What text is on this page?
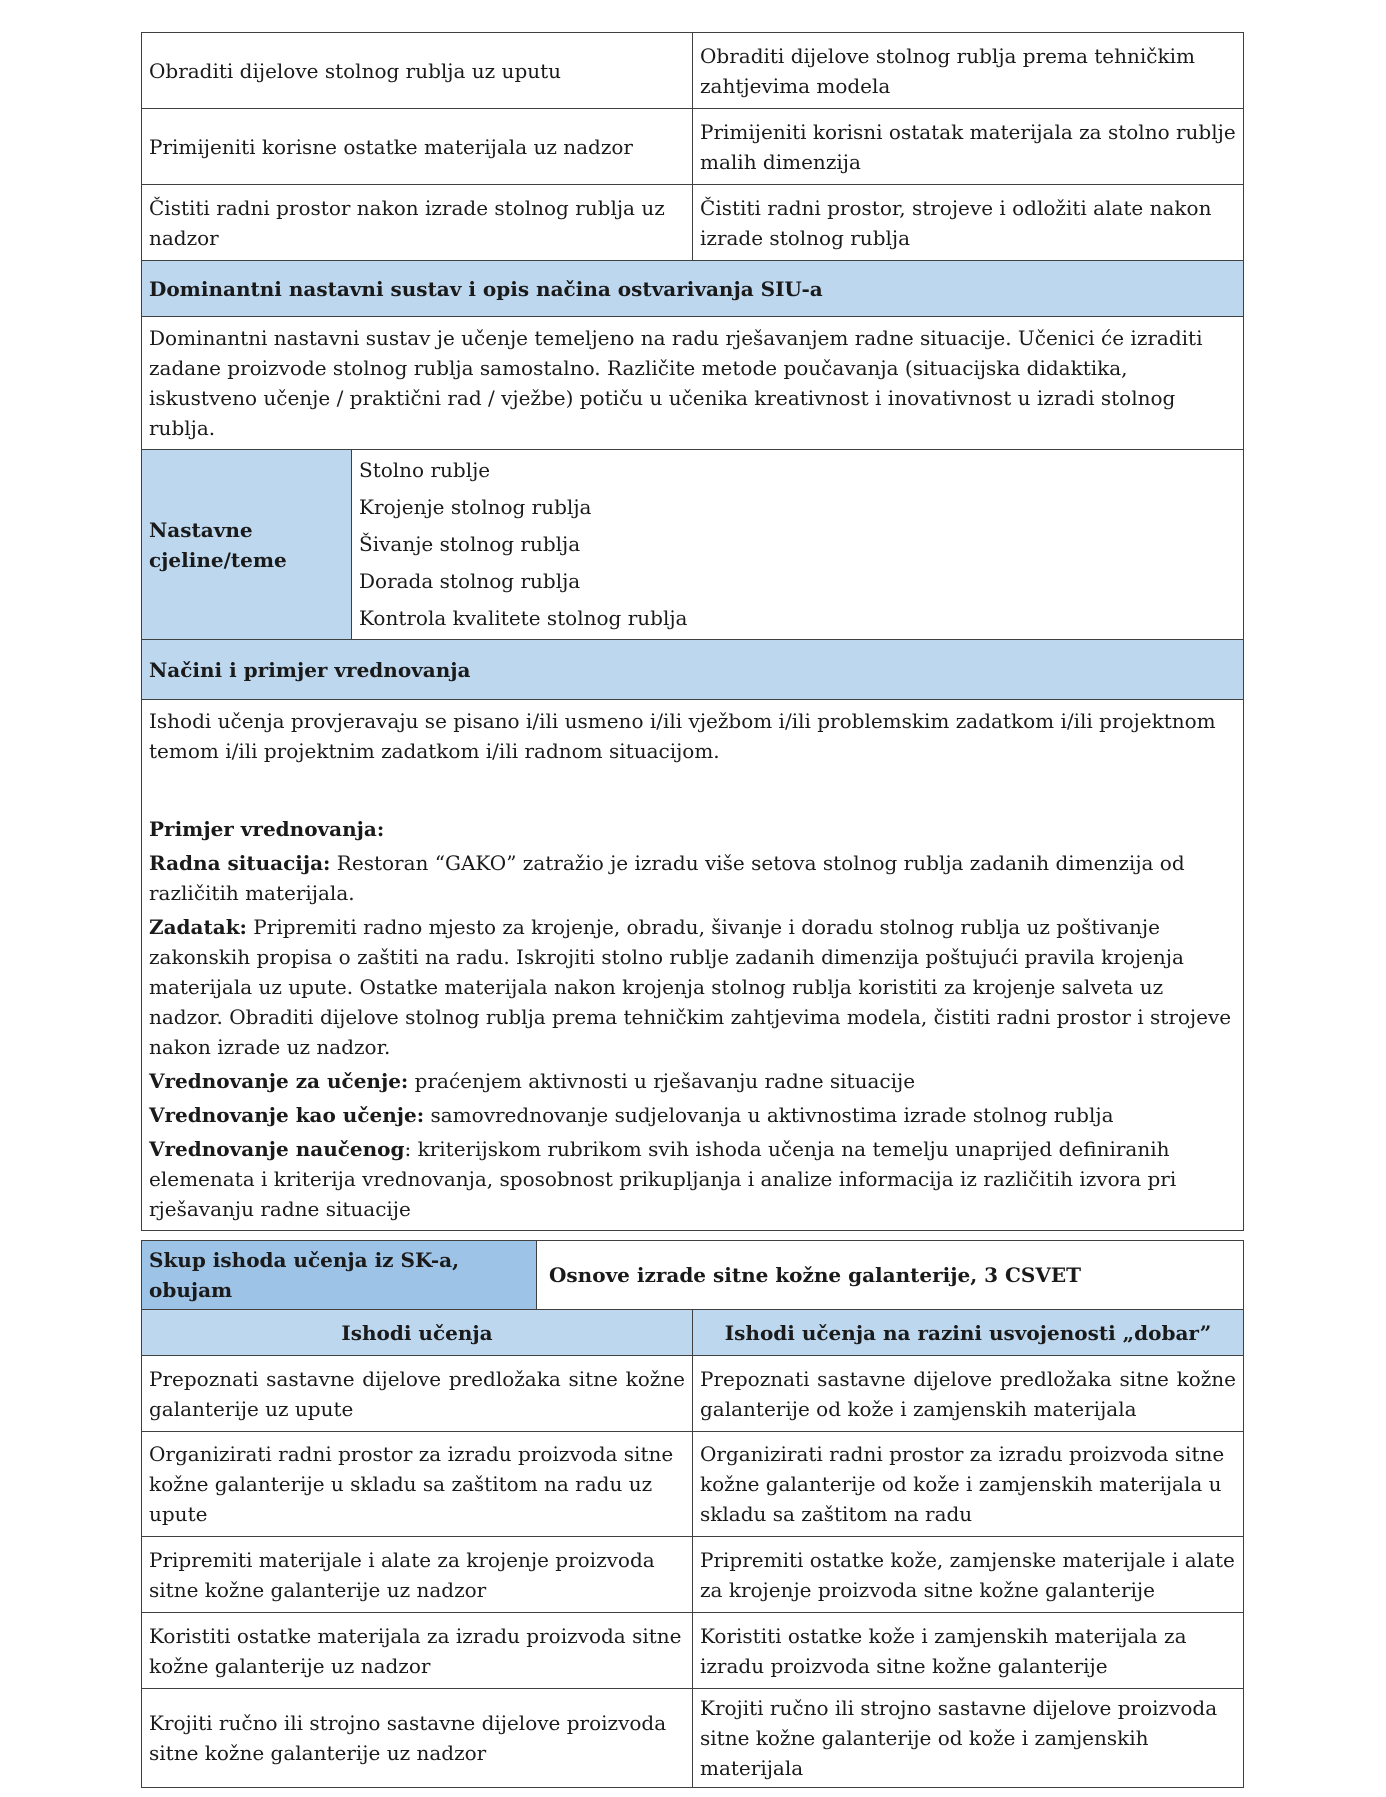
Obraditi dijelove stolnog rublja uz uputu		Obraditi dijelove stolnog rublja prema tehničkim zahtjevima modela
Primijeniti korisne ostatke materijala uz nadzor		Primijeniti korisni ostatak materijala za stolno rublje malih dimenzija
Čistiti radni prostor nakon izrade stolnog rublja uz nadzor		Čistiti radni prostor, strojeve i odložiti alate nakon izrade stolnog rublja
Dominantni nastavni sustav i opis načina ostvarivanja SIU-a		
Dominantni nastavni sustav je učenje temeljeno na radu rješavanjem radne situacije. Učenici će izraditi zadane proizvode stolnog rublja samostalno. Različite metode poučavanja (situacijska didaktika, iskustveno učenje / praktični rad / vježbe) potiču u učenika kreativnost i inovativnost u izradi stolnog rublja.		
Nastavne cjeline/teme	Stolno rublje
Krojenje stolnog rublja
Šivanje stolnog rublja
Dorada stolnog rublja
Kontrola kvalitete stolnog rublja	

Načini i primjer vrednovanja		

Ishodi učenja provjeravaju se pisano i/ili usmeno i/ili vježbom i/ili problemskim zadatkom i/ili projektnom temom i/ili projektnim zadatkom i/ili radnom situacijom.

Primjer vrednovanja:

Radna situacija: Restoran “GAKO” zatražio je izradu više setova stolnog rublja zadanih dimenzija od različitih materijala.

Zadatak: Pripremiti radno mjesto za krojenje, obradu, šivanje i doradu stolnog rublja uz poštivanje zakonskih propisa o zaštiti na radu. Iskrojiti stolno rublje zadanih dimenzija poštujući pravila krojenja materijala uz upute. Ostatke materijala nakon krojenja stolnog rublja koristiti za krojenje salveta uz nadzor. Obraditi dijelove stolnog rublja prema tehničkim zahtjevima modela, čistiti radni prostor i strojeve nakon izrade uz nadzor.

Vrednovanje za učenje: praćenjem aktivnosti u rješavanju radne situacije

Vrednovanje kao učenje: samovrednovanje sudjelovanja u aktivnostima izrade stolnog rublja

Vrednovanje naučenog: kriterijskom rubrikom svih ishoda učenja na temelju unaprijed definiranih elemenata i kriterija vrednovanja, sposobnost prikupljanja i analize informacija iz različitih izvora pri rješavanju radne situacije

Skup ishoda učenja iz SK-a, obujam	Osnove izrade sitne kožne galanterije, 3 CSVET	
Ishodi učenja		Ishodi učenja na razini usvojenosti „dobar”
Prepoznati sastavne dijelove predložaka sitne kožne galanterije uz upute		Prepoznati sastavne dijelove predložaka sitne kožne galanterije od kože i zamjenskih materijala
Organizirati radni prostor za izradu proizvoda sitne kožne galanterije u skladu sa zaštitom na radu uz upute		Organizirati radni prostor za izradu proizvoda sitne kožne galanterije od kože i zamjenskih materijala u skladu sa zaštitom na radu
Pripremiti materijale i alate za krojenje proizvoda sitne kožne galanterije uz nadzor		Pripremiti ostatke kože, zamjenske materijale i alate za krojenje proizvoda sitne kožne galanterije
Koristiti ostatke materijala za izradu proizvoda sitne kožne galanterije uz nadzor		Koristiti ostatke kože i zamjenskih materijala za izradu proizvoda sitne kožne galanterije
Krojiti ručno ili strojno sastavne dijelove proizvoda sitne kožne galanterije uz nadzor		Krojiti ručno ili strojno sastavne dijelove proizvoda sitne kožne galanterije od kože i zamjenskih materijala
